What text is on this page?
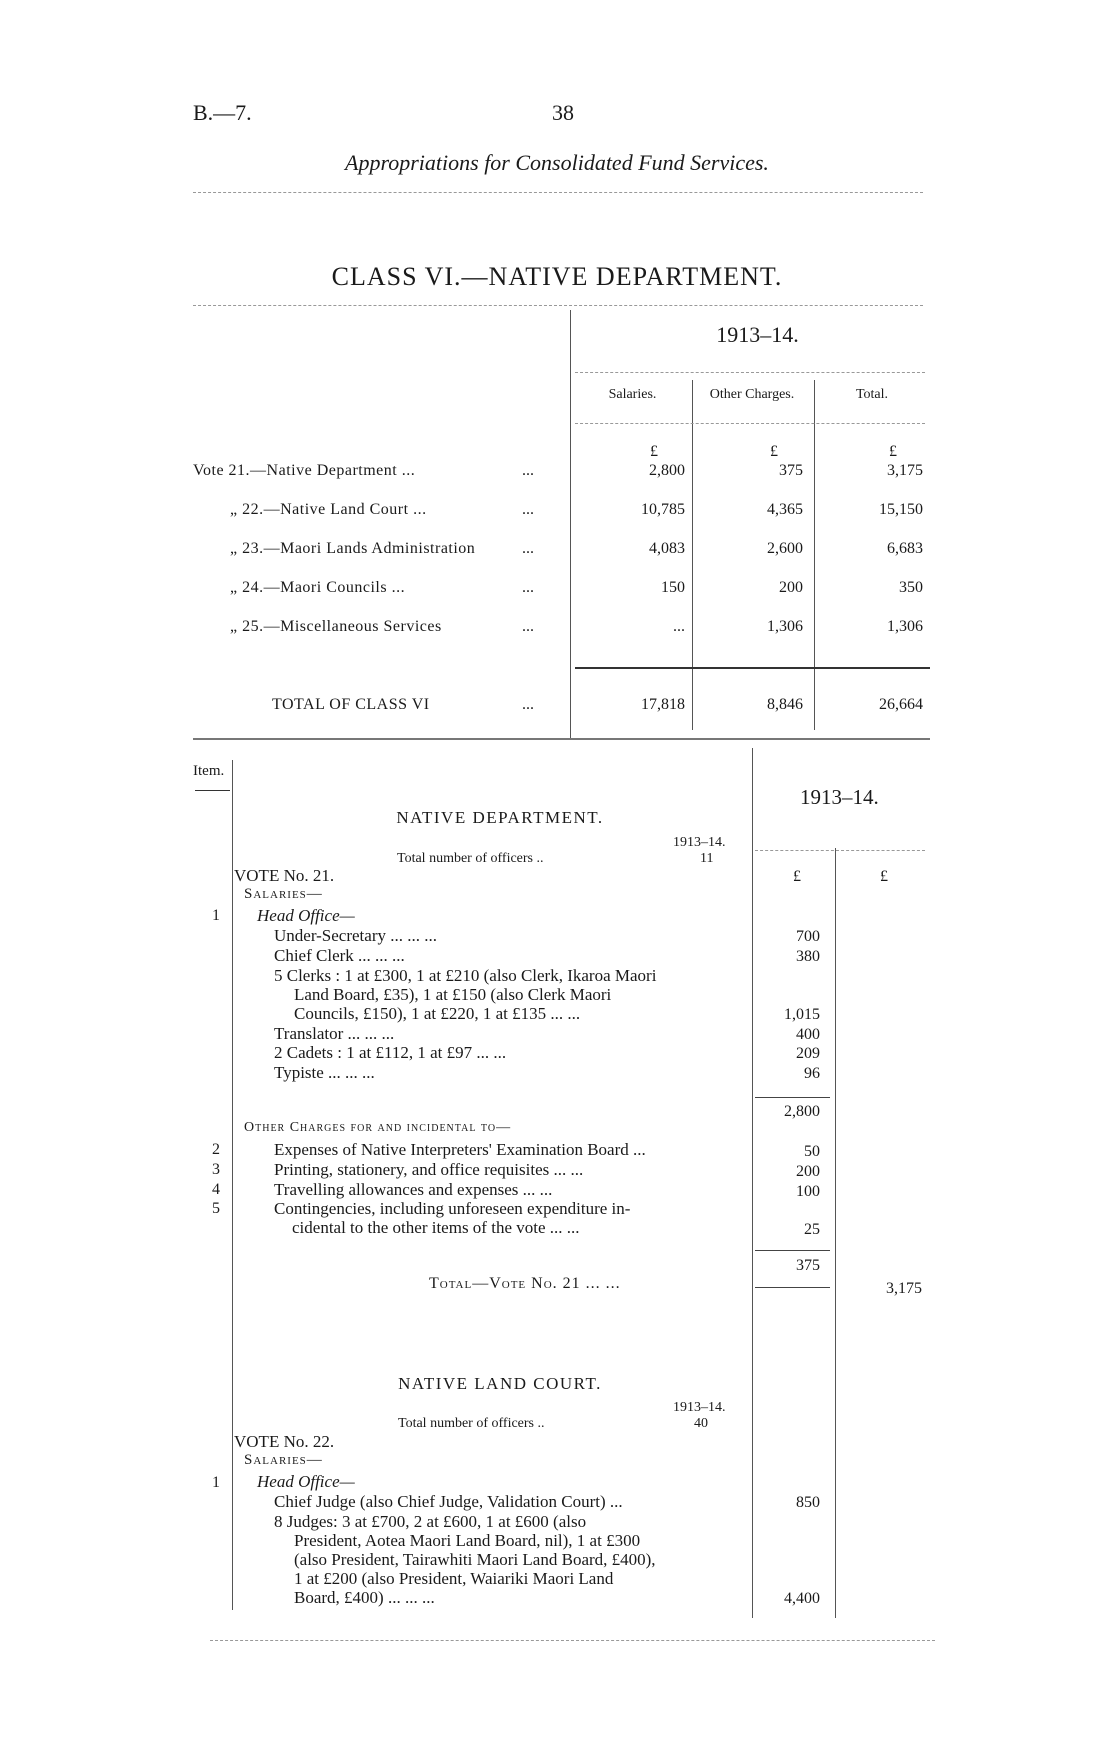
B.—7.	38
Appropriations for Consolidated Fund Services.
CLASS VI.—NATIVE DEPARTMENT.
1913–14.
Salaries.	Other Charges.	Total.
£	£	£
Vote 21.—Native Department ...	...	2,800	375	3,175
„ 22.—Native Land Court ...	...	10,785	4,365	15,150
„ 23.—Maori Lands Administration	...	4,083	2,600	6,683
„ 24.—Maori Councils ...	...	150	200	350
„ 25.—Miscellaneous Services	...	...	1,306	1,306
TOTAL OF CLASS VI	...	17,818	8,846	26,664
Item.
1913–14.
£	£
NATIVE DEPARTMENT.
1913–14.
Total number of officers ..	11
VOTE No. 21.
Salaries—
1 Head Office—
Under-Secretary ... ... ...	700
Chief Clerk ... ... ...	380
5 Clerks : 1 at £300, 1 at £210 (also Clerk, Ikaroa Maori
Land Board, £35), 1 at £150 (also Clerk Maori
Councils, £150), 1 at £220, 1 at £135 ... ...	1,015
Translator ... ... ...	400
2 Cadets : 1 at £112, 1 at £97 ... ...	209
Typiste ... ... ...	96
2,800
Other Charges for and incidental to—
2	Expenses of Native Interpreters' Examination Board ...	50
3	Printing, stationery, and office requisites ... ...	200
4	Travelling allowances and expenses ... ...	100
5	Contingencies, including unforeseen expenditure in-
cidental to the other items of the vote ... ...	25
375
Total—Vote No. 21 ... ...	3,175
NATIVE LAND COURT.
1913–14.
Total number of officers ..	40
VOTE No. 22.
Salaries—
1 Head Office—
Chief Judge (also Chief Judge, Validation Court) ...	850
8 Judges: 3 at £700, 2 at £600, 1 at £600 (also
President, Aotea Maori Land Board, nil), 1 at £300
(also President, Tairawhiti Maori Land Board, £400),
1 at £200 (also President, Waiariki Maori Land
Board, £400) ... ... ...	4,400
